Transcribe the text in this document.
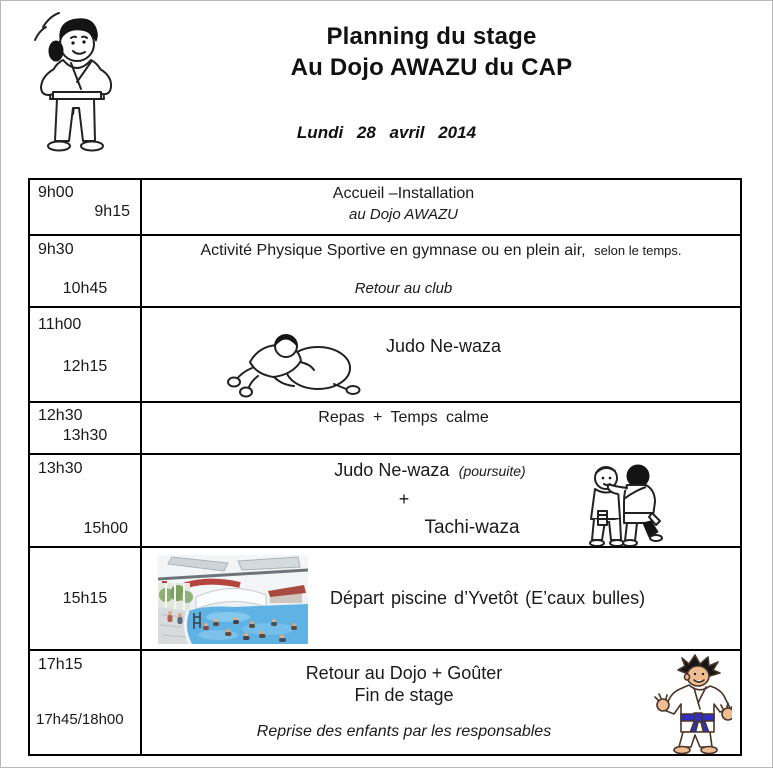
Planning du stage
Au Dojo AWAZU du CAP
Lundi 28 avril 2014
9h00
9h15
Accueil –Installation
au Dojo AWAZU
9h30
10h45
Activité Physique Sportive en gymnase ou en plein air, selon le temps.
Retour au club
11h00
12h15
Judo Ne-waza
12h30
13h30
Repas + Temps calme
13h30
15h00
Judo Ne-waza (poursuite)
+
Tachi-waza
15h15	Départ piscine d’Yvetôt (E’caux bulles)
17h15
17h45/18h00
Retour au Dojo + Goûter
Fin de stage
Reprise des enfants par les responsables
